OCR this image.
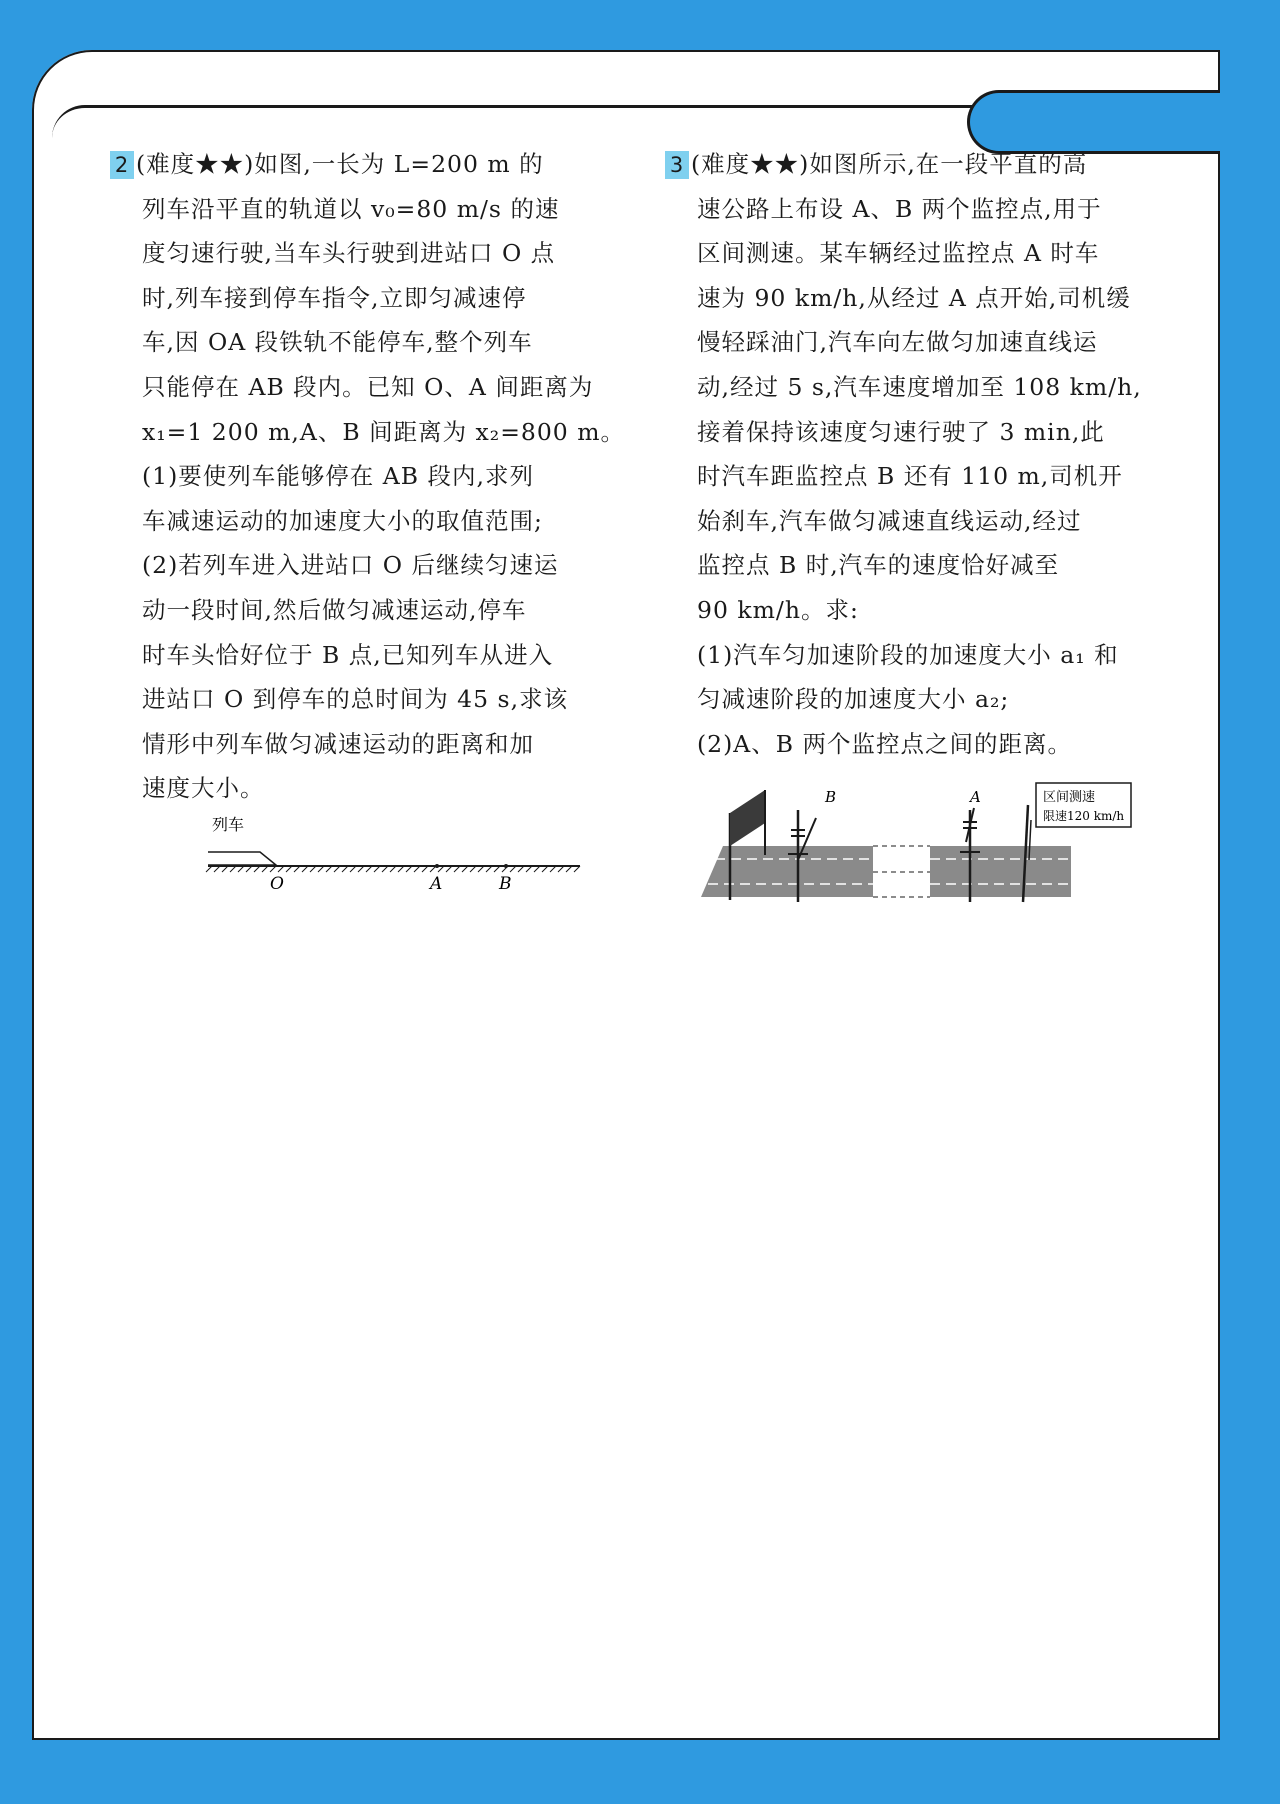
2 (难度★★)如图,一长为 L=200 m 的
列车沿平直的轨道以 v₀=80 m/s 的速
度匀速行驶,当车头行驶到进站口 O 点
时,列车接到停车指令,立即匀减速停
车,因 OA 段铁轨不能停车,整个列车
只能停在 AB 段内。已知 O、A 间距离为
x₁=1 200 m,A、B 间距离为 x₂=800 m。
(1)要使列车能够停在 AB 段内,求列
车减速运动的加速度大小的取值范围;
(2)若列车进入进站口 O 后继续匀速运
动一段时间,然后做匀减速运动,停车
时车头恰好位于 B 点,已知列车从进入
进站口 O 到停车的总时间为 45 s,求该
情形中列车做匀减速运动的距离和加
速度大小。
列车
O	A	B
3 (难度★★)如图所示,在一段平直的高
速公路上布设 A、B 两个监控点,用于
区间测速。某车辆经过监控点 A 时车
速为 90 km/h,从经过 A 点开始,司机缓
慢轻踩油门,汽车向左做匀加速直线运
动,经过 5 s,汽车速度增加至 108 km/h,
接着保持该速度匀速行驶了 3 min,此
时汽车距监控点 B 还有 110 m,司机开
始刹车,汽车做匀减速直线运动,经过
监控点 B 时,汽车的速度恰好减至
90 km/h。求:
(1)汽车匀加速阶段的加速度大小 a₁ 和
匀减速阶段的加速度大小 a₂;
(2)A、B 两个监控点之间的距离。
B	A	区间测速
限速120 km/h
